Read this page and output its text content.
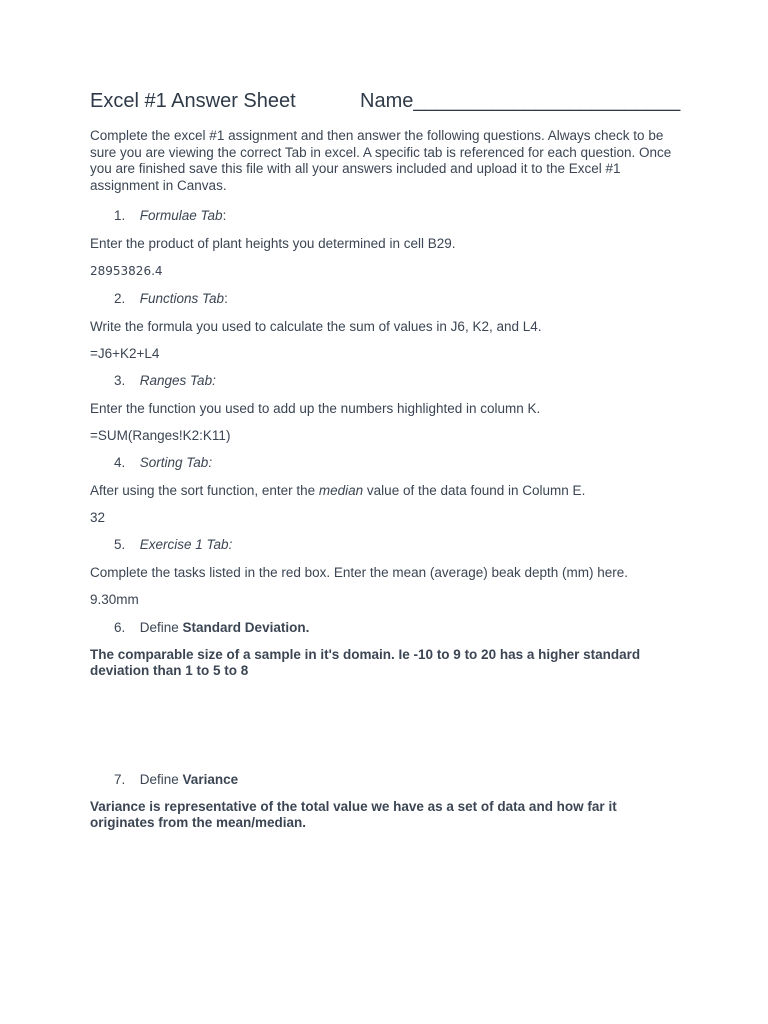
Excel #1 Answer Sheet	Name________________________

Complete the excel #1 assignment and then answer the following questions. Always check to be sure you are viewing the correct Tab in excel. A specific tab is referenced for each question. Once you are finished save this file with all your answers included and upload it to the Excel #1 assignment in Canvas.

1. Formulae Tab:
Enter the product of plant heights you determined in cell B29.
28953826.4
2. Functions Tab:
Write the formula you used to calculate the sum of values in J6, K2, and L4.
=J6+K2+L4
3. Ranges Tab:
Enter the function you used to add up the numbers highlighted in column K.
=SUM(Ranges!K2:K11)
4. Sorting Tab:
After using the sort function, enter the median value of the data found in Column E.
32
5. Exercise 1 Tab:
Complete the tasks listed in the red box. Enter the mean (average) beak depth (mm) here.
9.30mm
6. Define Standard Deviation.
The comparable size of a sample in it's domain. Ie -10 to 9 to 20 has a higher standard deviation than 1 to 5 to 8
7. Define Variance
Variance is representative of the total value we have as a set of data and how far it originates from the mean/median.
